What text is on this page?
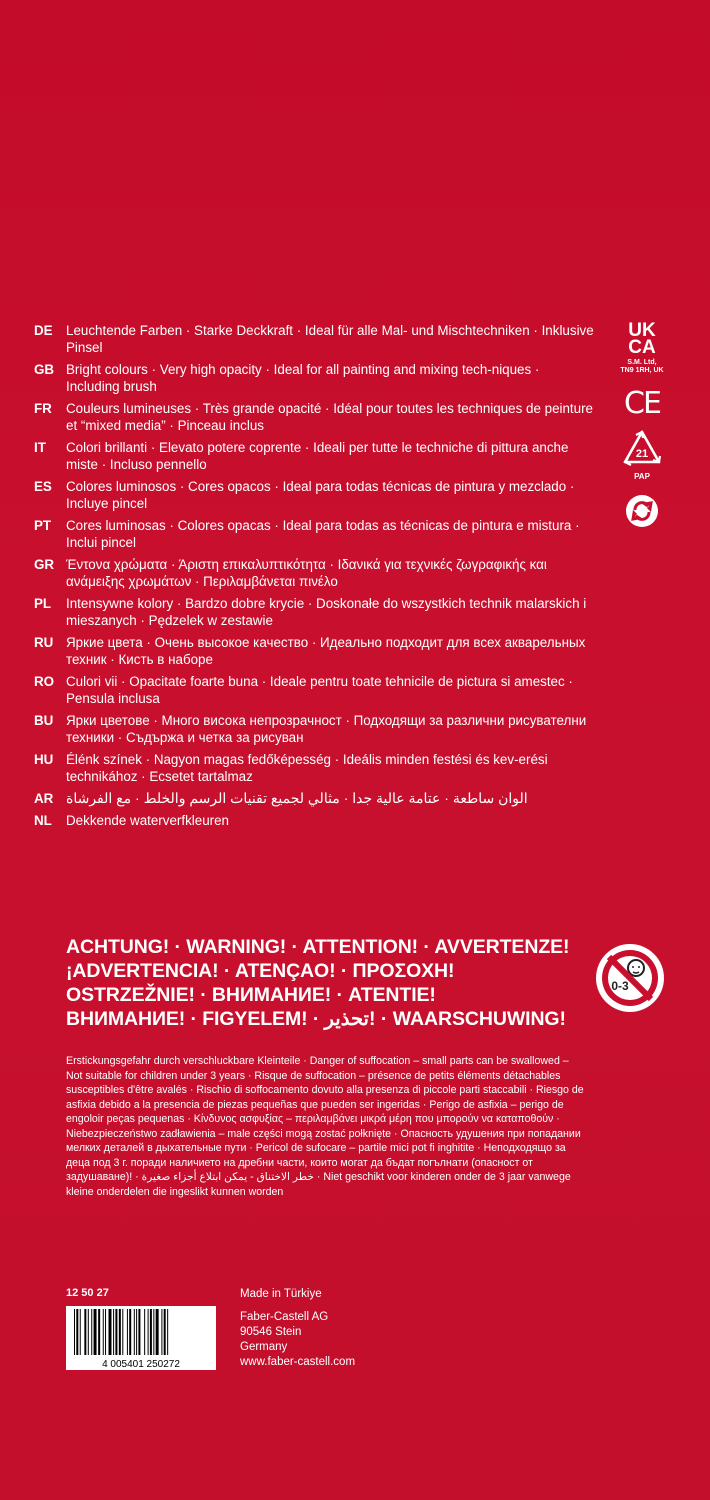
DE Leuchtende Farben · Starke Deckkraft · Ideal für alle Mal- und Mischtechniken · Inklusive Pinsel
GB Bright colours · Very high opacity · Ideal for all painting and mixing tech-niques · Including brush
FR	Couleurs lumineuses · Très grande opacité · Idéal pour toutes les techniques de peinture et “mixed media” · Pinceau inclus
IT	Colori brillanti · Elevato potere coprente · Ideali per tutte le techniche di pittura anche miste · Incluso pennello
ES	Colores luminosos · Cores opacos · Ideal para todas técnicas de pintura y mezclado · Incluye pincel
PT	Cores luminosas · Colores opacas · Ideal para todas as técnicas de pintura e mistura · Inclui pincel
GR Έντονα χρώματα · Άριστη επικαλυπτικότητα · Ιδανικά για τεχνικές ζωγραφικής και ανάμειξης χρωμάτων · Περιλαμβάνεται πινέλο
PL	Intensywne kolory · Bardzo dobre krycie · Doskonałe do wszystkich technik malarskich i mieszanych · Pędzelek w zestawie
RU Яркие цвета · Очень высокое качество · Идеально подходит для всех акварельных техник · Кисть в наборе
RO Culori vii · Opacitate foarte buna · Ideale pentru toate tehnicile de pictura si amestec · Pensula inclusa
BU Ярки цветове · Много висока непрозрачност · Подходящи за различни рисувателни техники · Съдържа и четка за рисуван
HU Élénk színek · Nagyon magas fedőképesség · Ideális minden festési és kev-erési technikához · Ecsetet tartalmaz
AR الوان ساطعة · عتامة عالية جدا · مثالي لجميع تقنيات الرسم والخلط · مع الفرشاة
NL	Dekkende waterverfkleuren
UK
CA
S.M. Ltd,
TN9 1RH, UK
CE
21
PAP
ACHTUNG! · WARNING! · ATTENTION! · AVVERTENZE!
¡ADVERTENCIA! · ATENÇAO! · ΠΡΟΣΟΧΗ!
OSTRZEŽNIE! · ВНИМАНИЕ! · ATENTIE!
ВНИМАНИЕ! · FIGYELEM! · تحذير! · WAARSCHUWING!
0-3
Erstickungsgefahr durch verschluckbare Kleinteile · Danger of suffocation – small parts can be swallowed – Not suitable for children under 3 years · Risque de suffocation – présence de petits éléments détachables susceptibles d'être avalés · Rischio di soffocamento dovuto alla presenza di piccole parti staccabili · Riesgo de asfixia debido a la presencia de piezas pequeñas que pueden ser ingeridas · Perigo de asfixia – perigo de engoloir peças pequenas · Κίνδυνος ασφυξίας – περιλαμβάνει μικρά μέρη που μπορούν να καταποθούν · Niebezpieczeństwo zadławienia – male części mogą zostać połknięte · Опасность удушения при попадании мелких деталей в дыхательные пути · Pericol de sufocare – partile mici pot fi inghitite · Неподходящо за деца под 3 г. поради наличието на дребни части, които могат да бъдат погълнати (опасност от задушаване)! · خطر الاختناق - يمكن ابتلاع أجزاء صغيرة · Niet geschikt voor kinderen onder de 3 jaar vanwege kleine onderdelen die ingeslikt kunnen worden
12 50 27
4 005401 250272
Made in Türkiye
Faber-Castell AG
90546 Stein
Germany
www.faber-castell.com
